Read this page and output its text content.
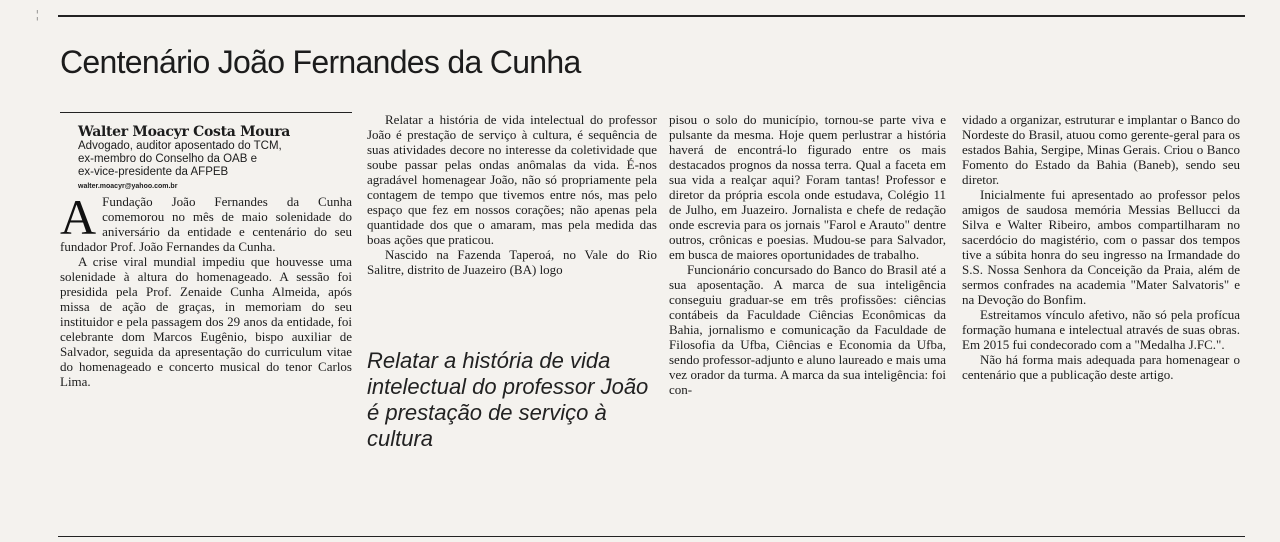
¦
Centenário João Fernandes da Cunha

Walter Moacyr Costa Moura

Advogado, auditor aposentado do TCM,

ex-membro do Conselho da OAB e

ex-vice-presidente da AFPEB

walter.moacyr@yahoo.com.br

A Fundação João Fernandes da Cunha comemorou no mês de maio solenidade do aniversário da entidade e centenário do seu fundador Prof. João Fernandes da Cunha.

A crise viral mundial impediu que houvesse uma solenidade à altura do homenageado. A sessão foi presidida pela Prof. Zenaide Cunha Almeida, após missa de ação de graças, in memoriam do seu instituidor e pela passagem dos 29 anos da entidade, foi celebrante dom Marcos Eugênio, bispo auxiliar de Salvador, seguida da apresentação do curriculum vitae do homenageado e concerto musical do tenor Carlos Lima.

Relatar a história de vida intelectual do professor João é prestação de serviço à cultura, é sequência de suas atividades decore no interesse da coletividade que soube passar pelas ondas anômalas da vida. É-nos agradável homenagear João, não só propriamente pela contagem de tempo que tivemos entre nós, mas pelo espaço que fez em nossos corações; não apenas pela quantidade dos que o amaram, mas pela medida das boas ações que praticou.

Nascido na Fazenda Taperoá, no Vale do Rio Salitre, distrito de Juazeiro (BA) logo

Relatar a história de vida intelectual do professor João é prestação de serviço à cultura

pisou o solo do município, tornou-se parte viva e pulsante da mesma. Hoje quem perlustrar a história haverá de encontrá-lo figurado entre os mais destacados prognos da nossa terra. Qual a faceta em sua vida a realçar aqui? Foram tantas! Professor e diretor da própria escola onde estudava, Colégio 11 de Julho, em Juazeiro. Jornalista e chefe de redação onde escrevia para os jornais "Farol e Arauto" dentre outros, crônicas e poesias. Mudou-se para Salvador, em busca de maiores oportunidades de trabalho.

Funcionário concursado do Banco do Brasil até a sua aposentação. A marca de sua inteligência conseguiu graduar-se em três profissões: ciências contábeis da Faculdade Ciências Econômicas da Bahia, jornalismo e comunicação da Faculdade de Filosofia da Ufba, Ciências e Economia da Ufba, sendo professor-adjunto e aluno laureado e mais uma vez orador da turma. A marca da sua inteligência: foi con-

vidado a organizar, estruturar e implantar o Banco do Nordeste do Brasil, atuou como gerente-geral para os estados Bahia, Sergipe, Minas Gerais. Criou o Banco Fomento do Estado da Bahia (Baneb), sendo seu diretor.

Inicialmente fui apresentado ao professor pelos amigos de saudosa memória Messias Bellucci da Silva e Walter Ribeiro, ambos compartilharam no sacerdócio do magistério, com o passar dos tempos tive a súbita honra do seu ingresso na Irmandade do S.S. Nossa Senhora da Conceição da Praia, além de sermos confrades na academia "Mater Salvatoris" e na Devoção do Bonfim.

Estreitamos vínculo afetivo, não só pela profícua formação humana e intelectual através de suas obras. Em 2015 fui condecorado com a "Medalha J.FC.".

Não há forma mais adequada para homenagear o centenário que a publicação deste artigo.
